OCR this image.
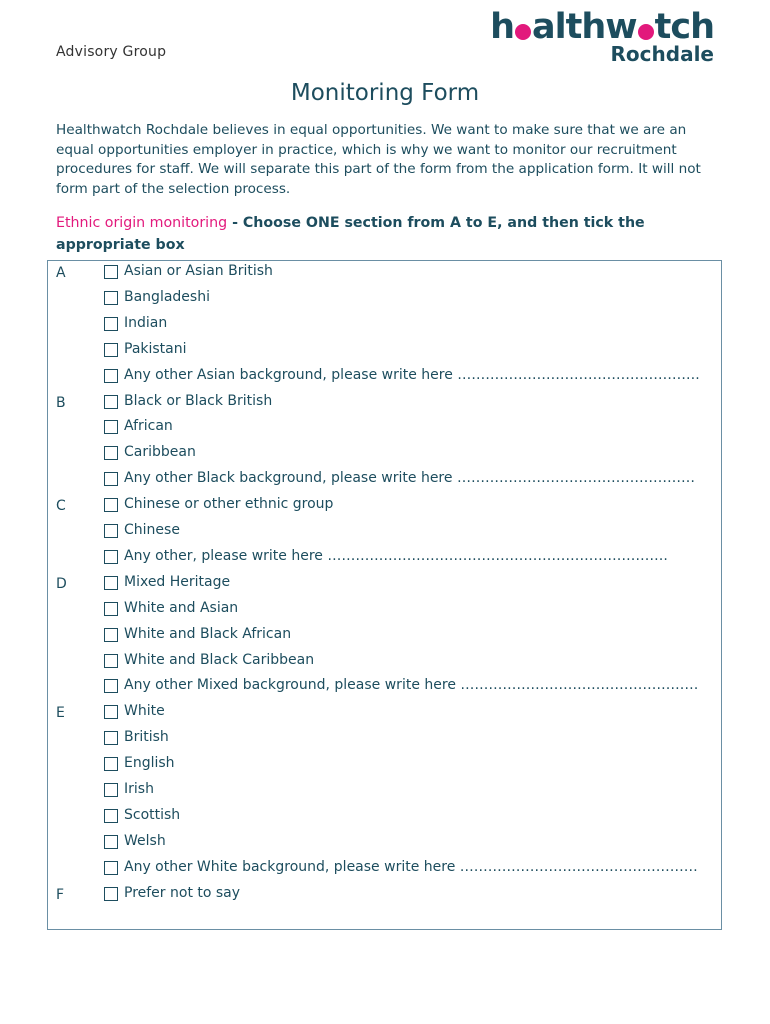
Advisory Group
h althw tch
Rochdale
Monitoring Form
Healthwatch Rochdale believes in equal opportunities. We want to make sure that we are an equal opportunities employer in practice, which is why we want to monitor our recruitment procedures for staff. We will separate this part of the form from the application form. It will not form part of the selection process.
Ethnic origin monitoring - Choose ONE section from A to E, and then tick the appropriate box
A	Asian or Asian British
Bangladeshi
Indian
Pakistani
Any other Asian background, please write here …………………………………………….
B	Black or Black British
African
Caribbean
Any other Black background, please write here ……………………………………………
C	Chinese or other ethnic group
Chinese
Any other, please write here ……………………………………………………………….
D	Mixed Heritage
White and Asian
White and Black African
White and Black Caribbean
Any other Mixed background, please write here ……………………………………………
E	White
British
English
Irish
Scottish
Welsh
Any other White background, please write here ……………………………………………
F	Prefer not to say
